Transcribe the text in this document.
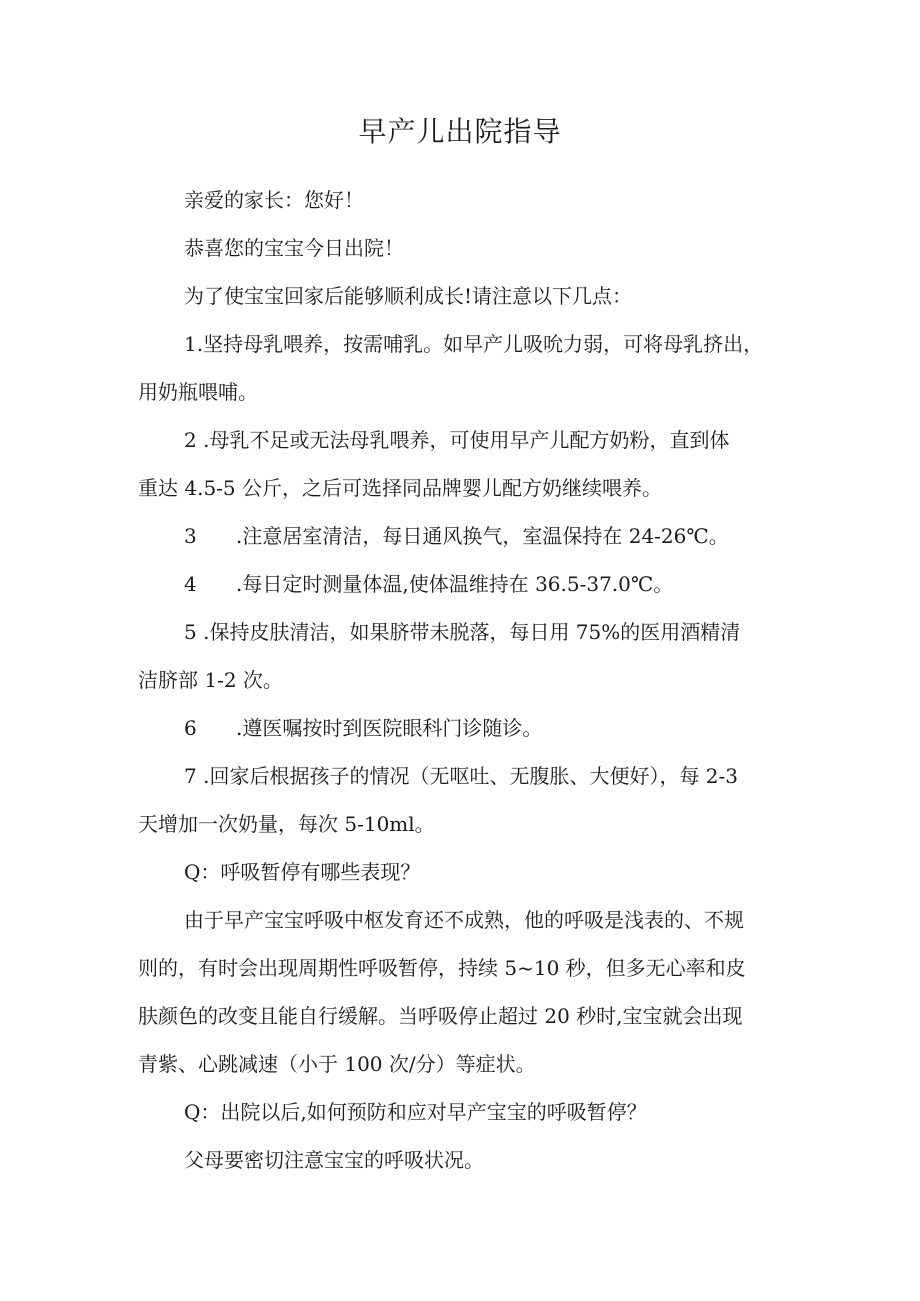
早产儿出院指导

亲爱的家长：您好！

恭喜您的宝宝今日出院！

为了使宝宝回家后能够顺利成长!请注意以下几点：

1.坚持母乳喂养，按需哺乳。如早产儿吸吮力弱，可将母乳挤出，

用奶瓶喂哺。

2 .母乳不足或无法母乳喂养，可使用早产儿配方奶粉，直到体

重达 4.5-5 公斤，之后可选择同品牌婴儿配方奶继续喂养。

3	.注意居室清洁，每日通风换气，室温保持在 24-26℃。
4	.每日定时测量体温,使体温维持在 36.5-37.0℃。

5 .保持皮肤清洁，如果脐带未脱落，每日用 75%的医用酒精清

洁脐部 1-2 次。

6	.遵医嘱按时到医院眼科门诊随诊。

7 .回家后根据孩子的情况（无呕吐、无腹胀、大便好），每 2-3

天增加一次奶量，每次 5-10ml。

Q：呼吸暂停有哪些表现？

由于早产宝宝呼吸中枢发育还不成熟，他的呼吸是浅表的、不规

则的，有时会出现周期性呼吸暂停，持续 5~10 秒，但多无心率和皮

肤颜色的改变且能自行缓解。当呼吸停止超过 20 秒时,宝宝就会出现

青紫、心跳减速（小于 100 次/分）等症状。

Q：出院以后,如何预防和应对早产宝宝的呼吸暂停？

父母要密切注意宝宝的呼吸状况。
